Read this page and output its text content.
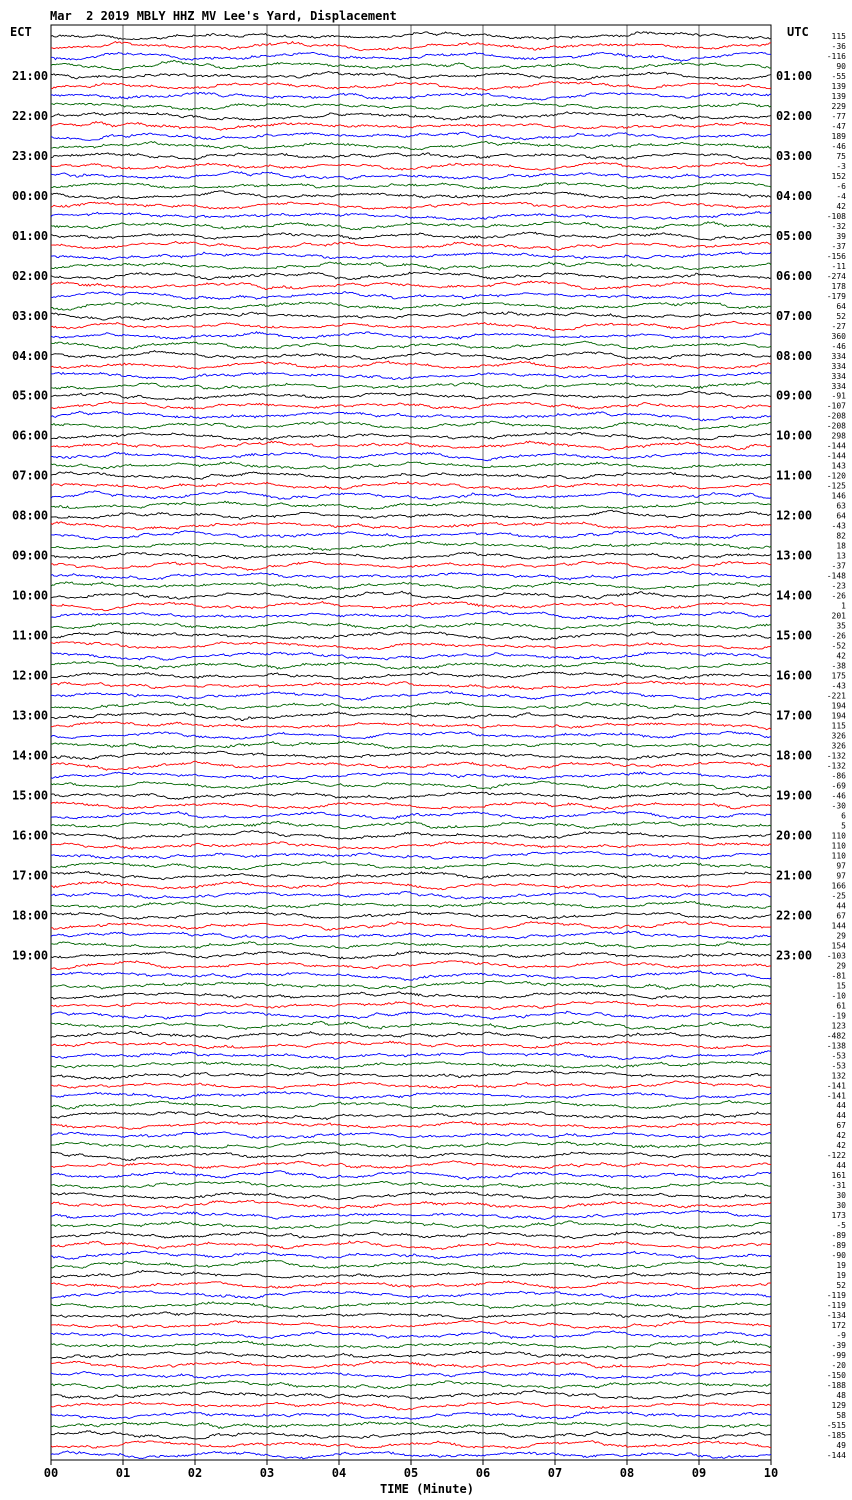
Mar  2 2019 MBLY HHZ MV Lee's Yard, Displacement
ECT	UTC
00	01	02	03	04	05	06	07	08	09	10
115
-36
-116
90
-55
139
139
229
-77
-47
189
-46
75
-3
152
-6
-4
42
-108
-32
39
-37
-156
-11
-274
178
-179
64
52
-27
360
-46
334
334
334
334
-91
-107
-208
-208
298
-144
-144
143
-120
-125
146
63
64
-43
82
18
13
-37
-148
-23
-26
1
201
35
-26
-52
42
-38
175
-43
-221
194
194
115
326
326
-132
-132
-86
-69
-46
-30
6
5
110
110
110
97
97
166
-25
44
67
144
29
154
-103
29
-81
15
-10
61
-19
123
-482
-138
-53
-53
132
-141
-141
44
44
67
42
42
-122
44
161
-31
30
30
173
-5
-89
-89
-90
19
19
52
-119
-119
-134
172
-9
-39
-99
-20
-150
-188
48
129
58
-515
-185
49
-144
21:00	01:00
22:00	02:00
23:00	03:00
00:00	04:00
01:00	05:00
02:00	06:00
03:00	07:00
04:00	08:00
05:00	09:00
06:00	10:00
07:00	11:00
08:00	12:00
09:00	13:00
10:00	14:00
11:00	15:00
12:00	16:00
13:00	17:00
14:00	18:00
15:00	19:00
16:00	20:00
17:00	21:00
18:00	22:00
19:00	23:00
TIME (Minute)
